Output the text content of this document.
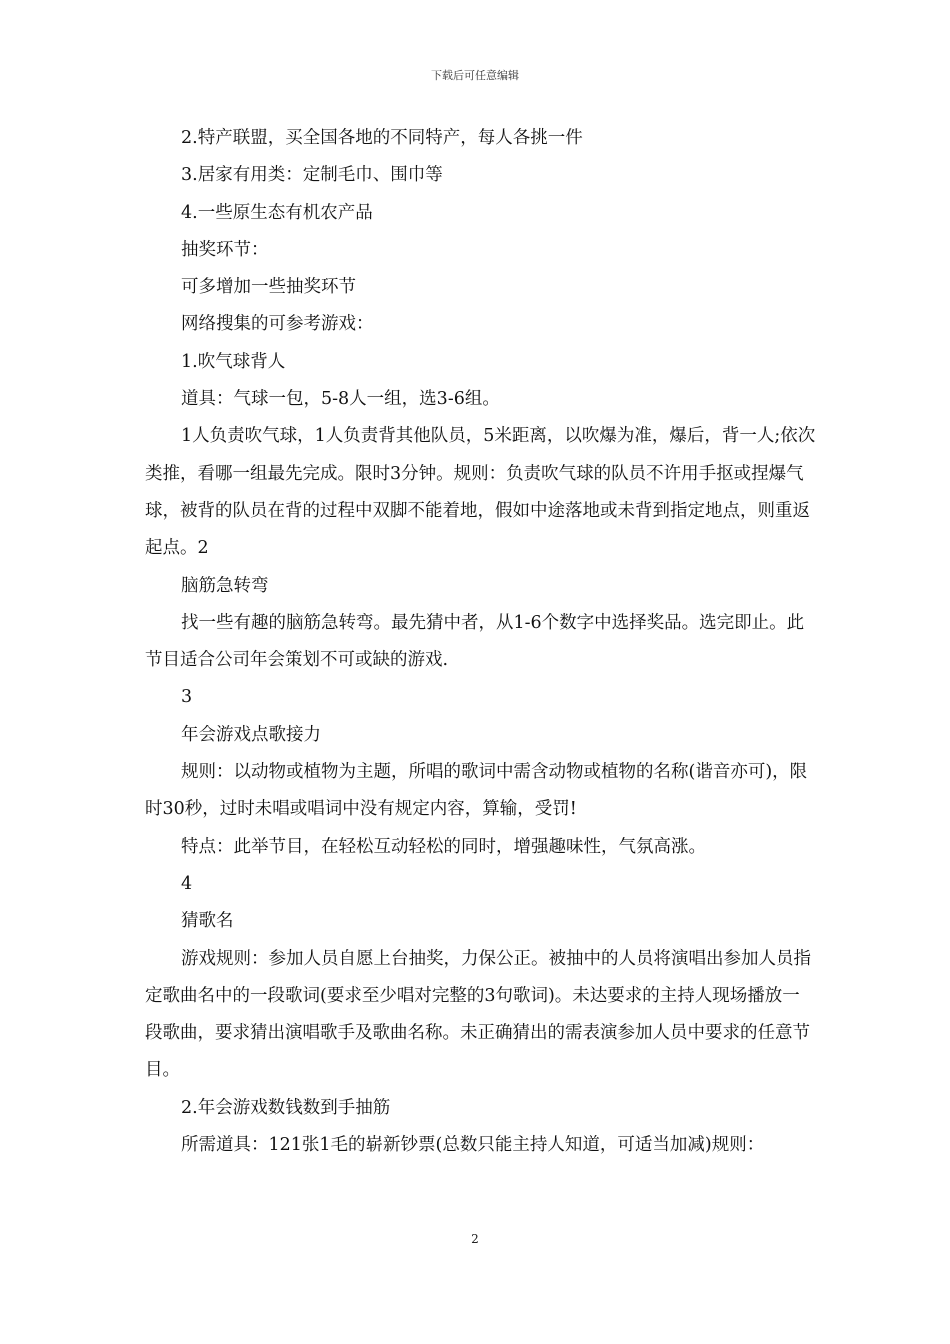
下载后可任意编辑

2.特产联盟，买全国各地的不同特产，每人各挑一件

3.居家有用类：定制毛巾、围巾等

4.一些原生态有机农产品

抽奖环节：

可多增加一些抽奖环节

网络搜集的可参考游戏：

1.吹气球背人

道具：气球一包，5-8人一组，选3-6组。

1人负责吹气球，1人负责背其他队员，5米距离，以吹爆为准，爆后，背一人;依次类推，看哪一组最先完成。限时3分钟。规则：负责吹气球的队员不许用手抠或捏爆气球，被背的队员在背的过程中双脚不能着地，假如中途落地或未背到指定地点，则重返起点。2

脑筋急转弯

找一些有趣的脑筋急转弯。最先猜中者，从1-6个数字中选择奖品。选完即止。此节目适合公司年会策划不可或缺的游戏.

3

年会游戏点歌接力

规则：以动物或植物为主题，所唱的歌词中需含动物或植物的名称(谐音亦可)，限时30秒，过时未唱或唱词中没有规定内容，算输，受罚!

特点：此举节目，在轻松互动轻松的同时，增强趣味性，气氛高涨。

4

猜歌名

游戏规则：参加人员自愿上台抽奖，力保公正。被抽中的人员将演唱出参加人员指定歌曲名中的一段歌词(要求至少唱对完整的3句歌词)。未达要求的主持人现场播放一段歌曲，要求猜出演唱歌手及歌曲名称。未正确猜出的需表演参加人员中要求的任意节目。

2.年会游戏数钱数到手抽筋

所需道具：121张1毛的崭新钞票(总数只能主持人知道，可适当加减)规则：

2
